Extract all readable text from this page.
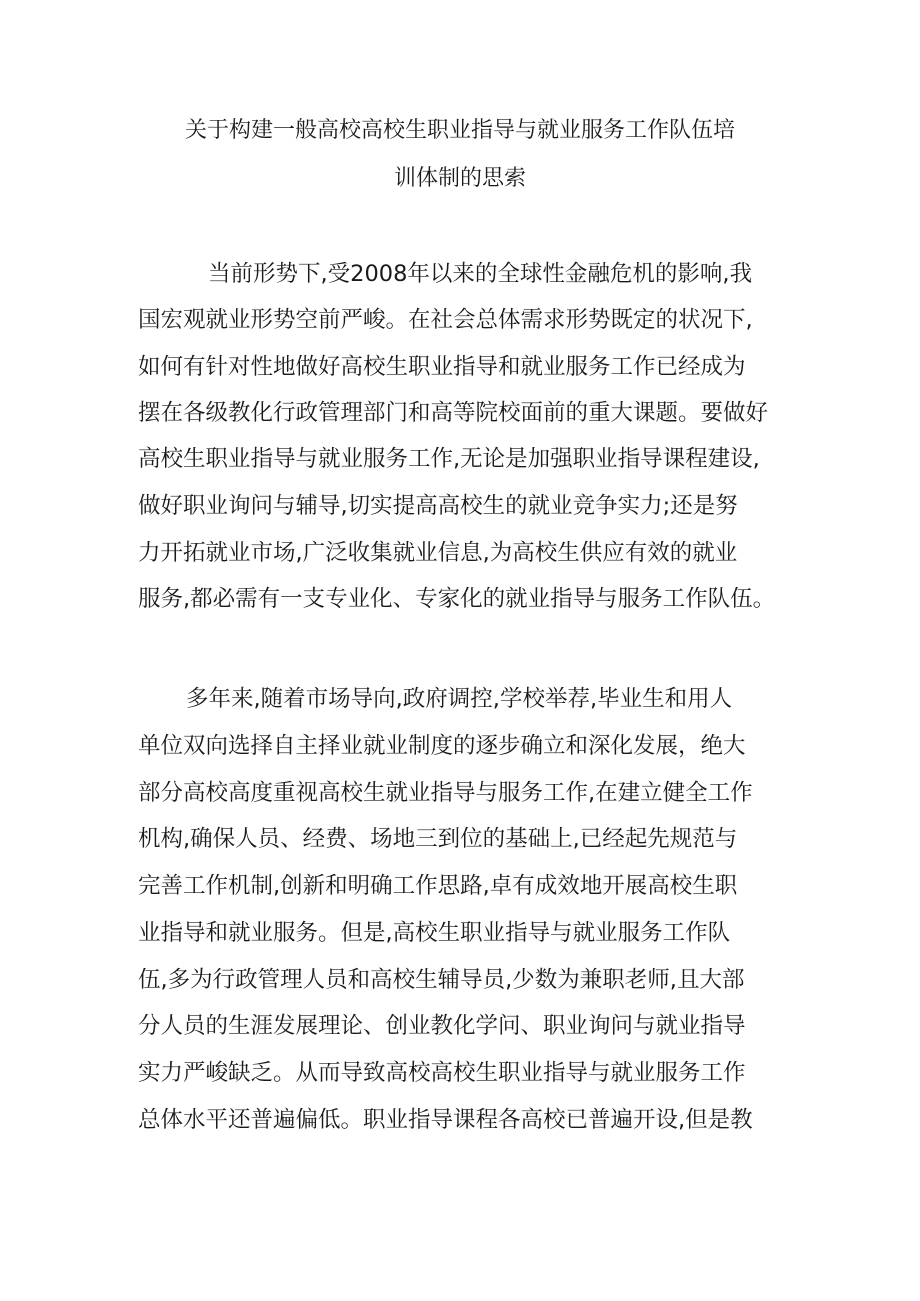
关于构建一般高校高校生职业指导与就业服务工作队伍培
训体制的思索
当前形势下,受2008年以来的全球性金融危机的影响,我
国宏观就业形势空前严峻。在社会总体需求形势既定的状况下,
如何有针对性地做好高校生职业指导和就业服务工作已经成为
摆在各级教化行政管理部门和高等院校面前的重大课题。要做好
高校生职业指导与就业服务工作,无论是加强职业指导课程建设,
做好职业询问与辅导,切实提高高校生的就业竞争实力;还是努
力开拓就业市场,广泛收集就业信息,为高校生供应有效的就业
服务,都必需有一支专业化、专家化的就业指导与服务工作队伍。
多年来,随着市场导向,政府调控,学校举荐,毕业生和用人
单位双向选择自主择业就业制度的逐步确立和深化发展，绝大
部分高校高度重视高校生就业指导与服务工作,在建立健全工作
机构,确保人员、经费、场地三到位的基础上,已经起先规范与
完善工作机制,创新和明确工作思路,卓有成效地开展高校生职
业指导和就业服务。但是,高校生职业指导与就业服务工作队
伍,多为行政管理人员和高校生辅导员,少数为兼职老师,且大部
分人员的生涯发展理论、创业教化学问、职业询问与就业指导
实力严峻缺乏。从而导致高校高校生职业指导与就业服务工作
总体水平还普遍偏低。职业指导课程各高校已普遍开设,但是教
